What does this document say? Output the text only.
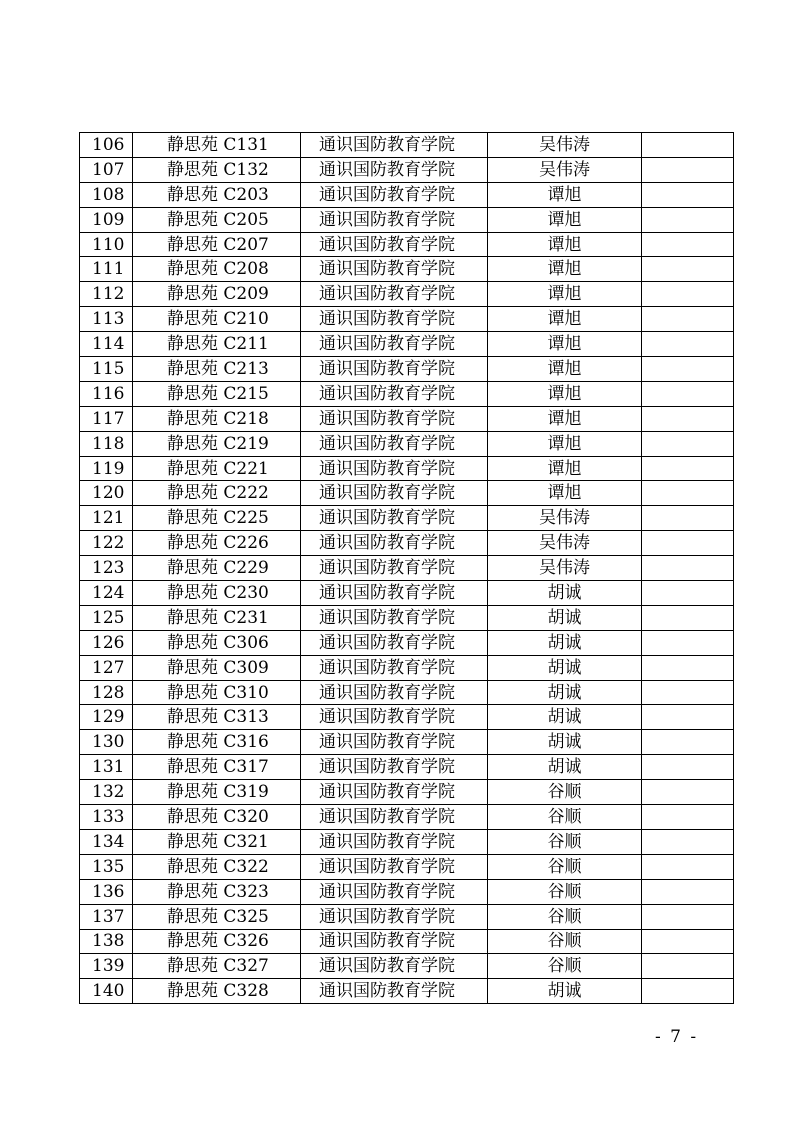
106	静思苑 C131	通识国防教育学院	吴伟涛	
107	静思苑 C132	通识国防教育学院	吴伟涛	
108	静思苑 C203	通识国防教育学院	谭旭	
109	静思苑 C205	通识国防教育学院	谭旭	
110	静思苑 C207	通识国防教育学院	谭旭	
111	静思苑 C208	通识国防教育学院	谭旭	
112	静思苑 C209	通识国防教育学院	谭旭	
113	静思苑 C210	通识国防教育学院	谭旭	
114	静思苑 C211	通识国防教育学院	谭旭	
115	静思苑 C213	通识国防教育学院	谭旭	
116	静思苑 C215	通识国防教育学院	谭旭	
117	静思苑 C218	通识国防教育学院	谭旭	
118	静思苑 C219	通识国防教育学院	谭旭	
119	静思苑 C221	通识国防教育学院	谭旭	
120	静思苑 C222	通识国防教育学院	谭旭	
121	静思苑 C225	通识国防教育学院	吴伟涛	
122	静思苑 C226	通识国防教育学院	吴伟涛	
123	静思苑 C229	通识国防教育学院	吴伟涛	
124	静思苑 C230	通识国防教育学院	胡诚	
125	静思苑 C231	通识国防教育学院	胡诚	
126	静思苑 C306	通识国防教育学院	胡诚	
127	静思苑 C309	通识国防教育学院	胡诚	
128	静思苑 C310	通识国防教育学院	胡诚	
129	静思苑 C313	通识国防教育学院	胡诚	
130	静思苑 C316	通识国防教育学院	胡诚	
131	静思苑 C317	通识国防教育学院	胡诚	
132	静思苑 C319	通识国防教育学院	谷顺	
133	静思苑 C320	通识国防教育学院	谷顺	
134	静思苑 C321	通识国防教育学院	谷顺	
135	静思苑 C322	通识国防教育学院	谷顺	
136	静思苑 C323	通识国防教育学院	谷顺	
137	静思苑 C325	通识国防教育学院	谷顺	
138	静思苑 C326	通识国防教育学院	谷顺	
139	静思苑 C327	通识国防教育学院	谷顺	
140	静思苑 C328	通识国防教育学院	胡诚	
- 7 -
